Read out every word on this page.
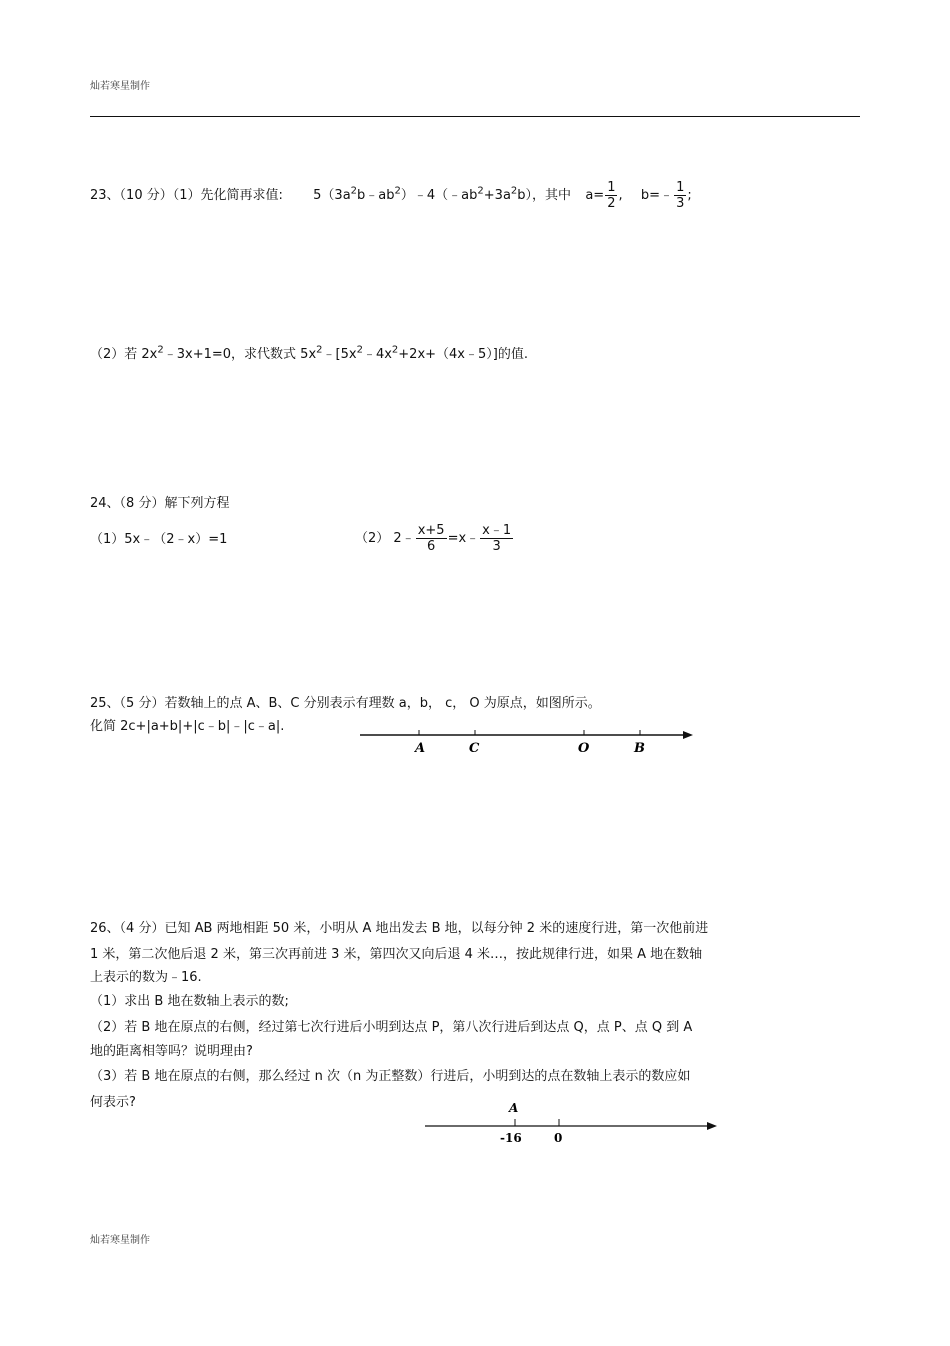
灿若寒星制作
23、（10 分）（1）先化简再求值: $5(3a^2b﹣ab^2)﹣4(﹣ab^2+3a^2b)$，其中 $a= \frac{1}{2}$ , b=﹣ $\frac{1}{3}$ ;
（2）若 $2x^2﹣3x+1=0$，求代数式 $5x^2﹣[5x^2﹣4x^2+2x+(4x﹣5)]$的值.
24、（8 分）解下列方程
（1）5x﹣（2﹣x）=1	（2） 2﹣ $\frac{x+5}{6}$ =x﹣ $\frac{x﹣1}{3}$
25、（5 分）若数轴上的点 A、B、C 分别表示有理数 a，b， c， O 为原点，如图所示。
化简 2c+|a+b|+|c﹣b|﹣|c﹣a|.
A	C	O	B
26、（4 分）已知 AB 两地相距 50 米，小明从 A 地出发去 B 地，以每分钟 2 米的速度行进，第一次他前进
1 米，第二次他后退 2 米，第三次再前进 3 米，第四次又向后退 4 米…，按此规律行进，如果 A 地在数轴
上表示的数为﹣16.
（1）求出 B 地在数轴上表示的数;
（2）若 B 地在原点的右侧，经过第七次行进后小明到达点 P，第八次行进后到达点 Q，点 P、点 Q 到 A
地的距离相等吗？说明理由?
（3）若 B 地在原点的右侧，那么经过 n 次（n 为正整数）行进后，小明到达的点在数轴上表示的数应如
何表示?	A
-16	0
灿若寒星制作
